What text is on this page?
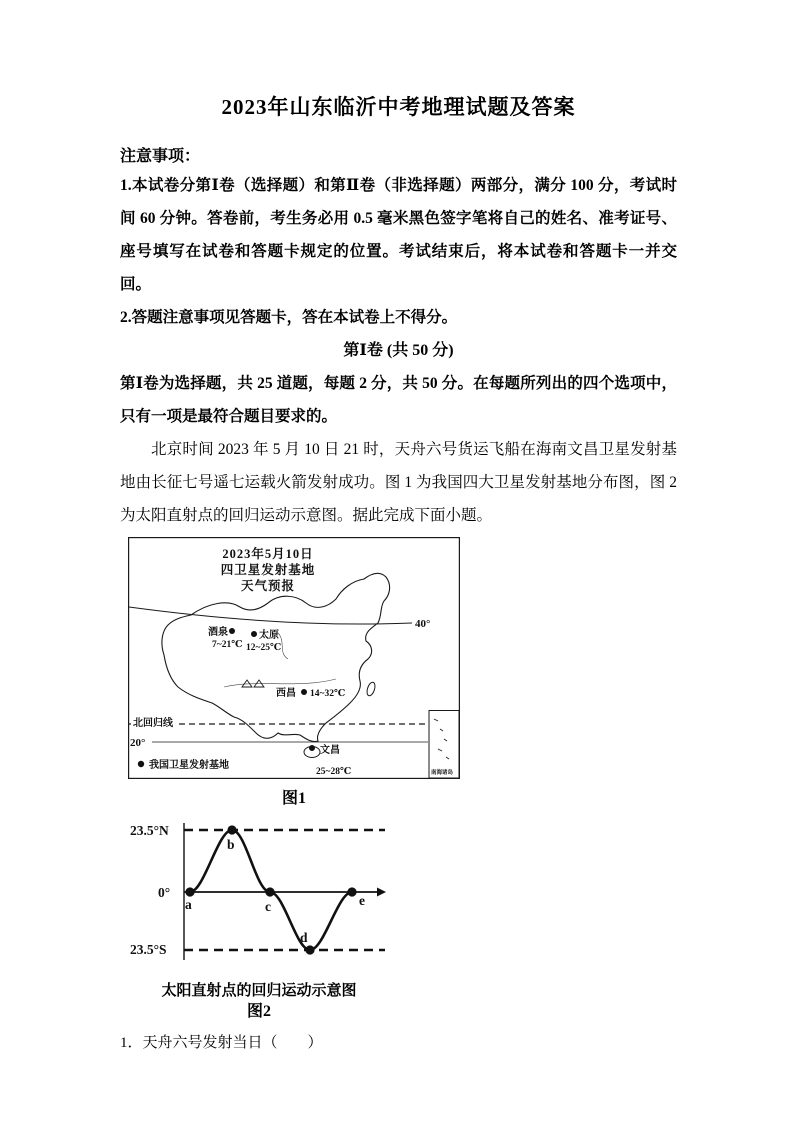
2023年山东临沂中考地理试题及答案

注意事项：

1.本试卷分第Ⅰ卷（选择题）和第Ⅱ卷（非选择题）两部分，满分 100 分，考试时间 60 分钟。答卷前，考生务必用 0.5 毫米黑色签字笔将自己的姓名、准考证号、座号填写在试卷和答题卡规定的位置。考试结束后，将本试卷和答题卡一并交回。

2.答题注意事项见答题卡，答在本试卷上不得分。

第Ⅰ卷 (共 50 分)

第Ⅰ卷为选择题，共 25 道题，每题 2 分，共 50 分。在每题所列出的四个选项中，只有一项是最符合题目要求的。

北京时间 2023 年 5 月 10 日 21 时，天舟六号货运飞船在海南文昌卫星发射基地由长征七号遥七运载火箭发射成功。图 1 为我国四大卫星发射基地分布图，图 2 为太阳直射点的回归运动示意图。据此完成下面小题。

40°
北回归线
20°
2023年5月10日
四卫星发射基地
天气预报
酒泉
7~21℃
太原
12~25℃
西昌 14~32℃
文昌
25~28℃
我国卫星发射基地
南海诸岛

图1

23.5°N
0°
23.5°S
a
b
c
d
e

太阳直射点的回归运动示意图

图2

1．天舟六号发射当日（　　）
